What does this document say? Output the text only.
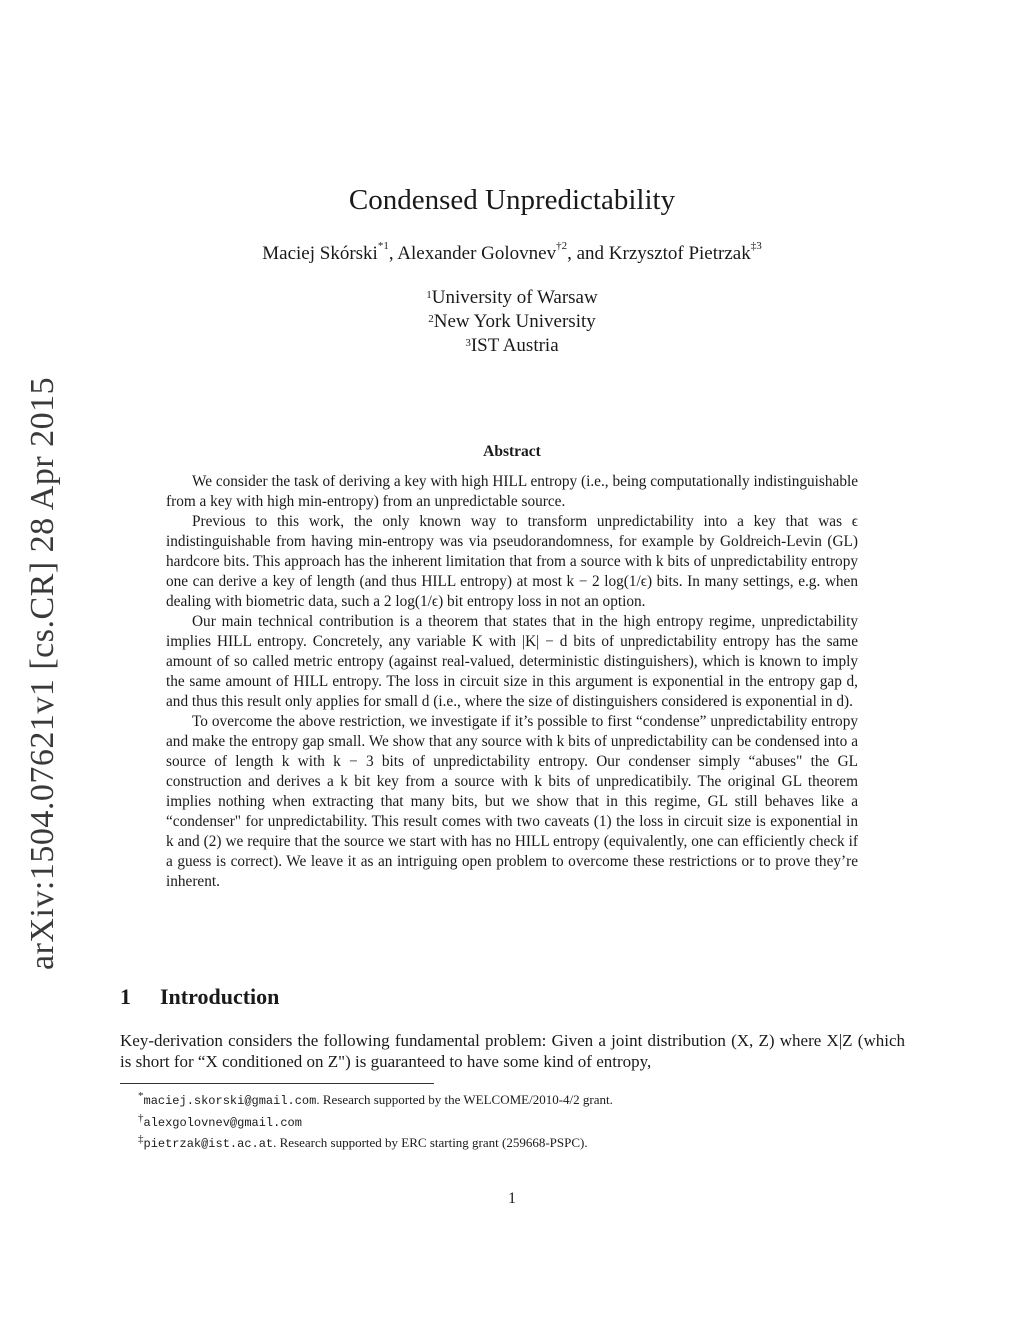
arXiv:1504.07621v1 [cs.CR] 28 Apr 2015
Condensed Unpredictability
Maciej Skórski$^{*1}$, Alexander Golovnev$^{\dagger 2}$, and Krzysztof Pietrzak$^{\ddagger 3}$
$^1$University of Warsaw
$^2$New York University
$^3$IST Austria
Abstract

We consider the task of deriving a key with high HILL entropy (i.e., being computationally indistinguishable from a key with high min-entropy) from an unpredictable source.

Previous to this work, the only known way to transform unpredictability into a key that was ϵ indistinguishable from having min-entropy was via pseudorandomness, for example by Goldreich-Levin (GL) hardcore bits. This approach has the inherent limitation that from a source with k bits of unpredictability entropy one can derive a key of length (and thus HILL entropy) at most k − 2 log(1/ϵ) bits. In many settings, e.g. when dealing with biometric data, such a 2 log(1/ϵ) bit entropy loss in not an option.

Our main technical contribution is a theorem that states that in the high entropy regime, unpredictability implies HILL entropy. Concretely, any variable K with |K| − d bits of unpredictability entropy has the same amount of so called metric entropy (against real-valued, deterministic distinguishers), which is known to imply the same amount of HILL entropy. The loss in circuit size in this argument is exponential in the entropy gap d, and thus this result only applies for small d (i.e., where the size of distinguishers considered is exponential in d).

To overcome the above restriction, we investigate if it’s possible to first “condense” unpredictability entropy and make the entropy gap small. We show that any source with k bits of unpredictability can be condensed into a source of length k with k − 3 bits of unpredictability entropy. Our condenser simply “abuses" the GL construction and derives a k bit key from a source with k bits of unpredicatibily. The original GL theorem implies nothing when extracting that many bits, but we show that in this regime, GL still behaves like a “condenser" for unpredictability. This result comes with two caveats (1) the loss in circuit size is exponential in k and (2) we require that the source we start with has no HILL entropy (equivalently, one can efficiently check if a guess is correct). We leave it as an intriguing open problem to overcome these restrictions or to prove they’re inherent.

1 Introduction

Key-derivation considers the following fundamental problem: Given a joint distribution (X, Z) where X|Z (which is short for “X conditioned on Z") is guaranteed to have some kind of entropy,

*maciej.skorski@gmail.com. Research supported by the WELCOME/2010-4/2 grant.
†alexgolovnev@gmail.com
‡pietrzak@ist.ac.at. Research supported by ERC starting grant (259668-PSPC).
1
